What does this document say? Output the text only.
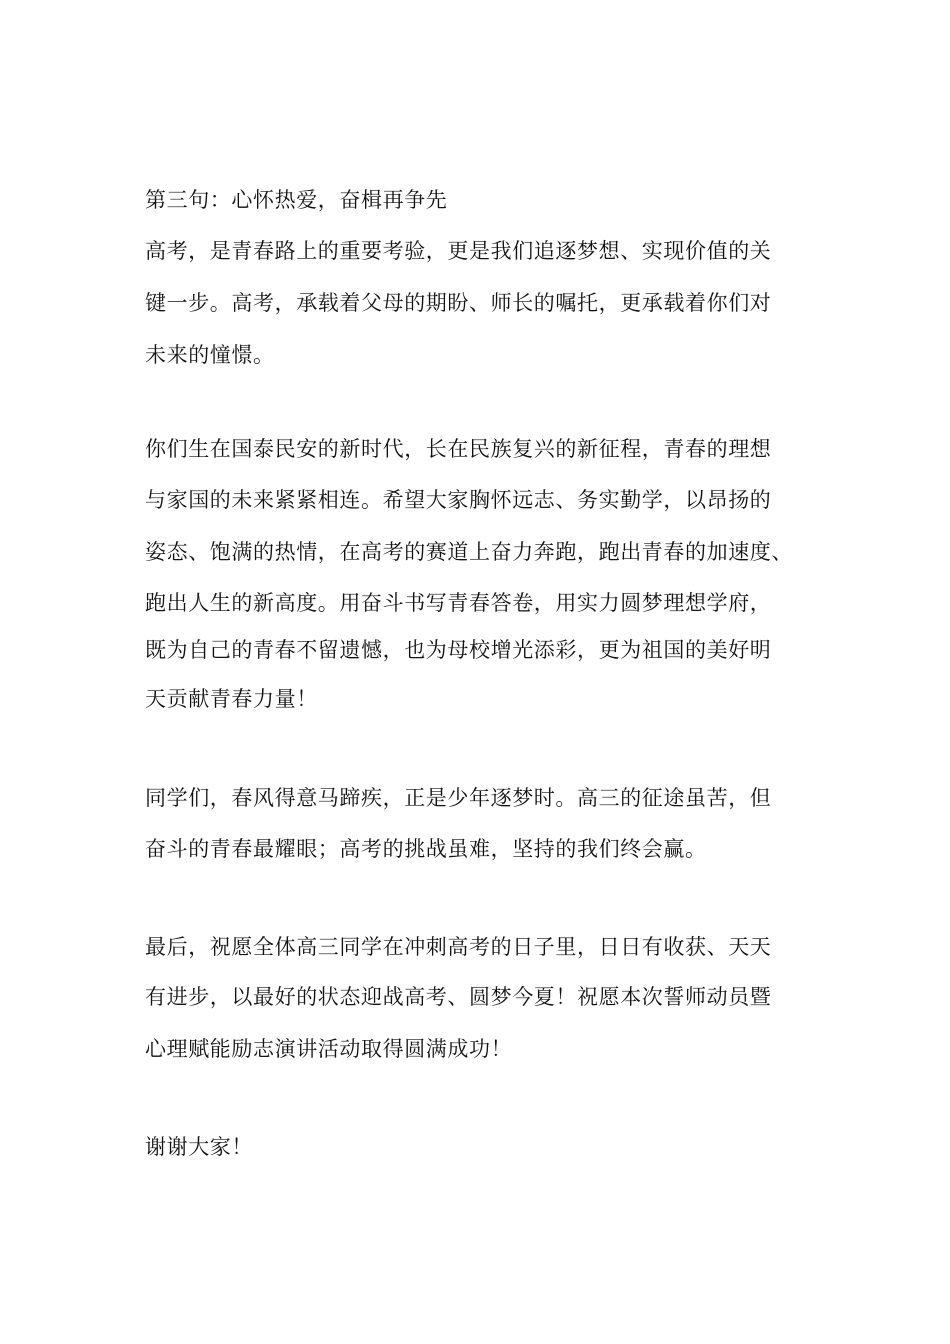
第三句：心怀热爱，奋楫再争先
高考，是青春路上的重要考验，更是我们追逐梦想、实现价值的关
键一步。高考，承载着父母的期盼、师长的嘱托，更承载着你们对
未来的憧憬。
你们生在国泰民安的新时代，长在民族复兴的新征程，青春的理想
与家国的未来紧紧相连。希望大家胸怀远志、务实勤学，以昂扬的
姿态、饱满的热情，在高考的赛道上奋力奔跑，跑出青春的加速度、
跑出人生的新高度。用奋斗书写青春答卷，用实力圆梦理想学府，
既为自己的青春不留遗憾，也为母校增光添彩，更为祖国的美好明
天贡献青春力量！
同学们，春风得意马蹄疾，正是少年逐梦时。高三的征途虽苦，但
奋斗的青春最耀眼；高考的挑战虽难，坚持的我们终会赢。
最后，祝愿全体高三同学在冲刺高考的日子里，日日有收获、天天
有进步，以最好的状态迎战高考、圆梦今夏！祝愿本次誓师动员暨
心理赋能励志演讲活动取得圆满成功！
谢谢大家！
